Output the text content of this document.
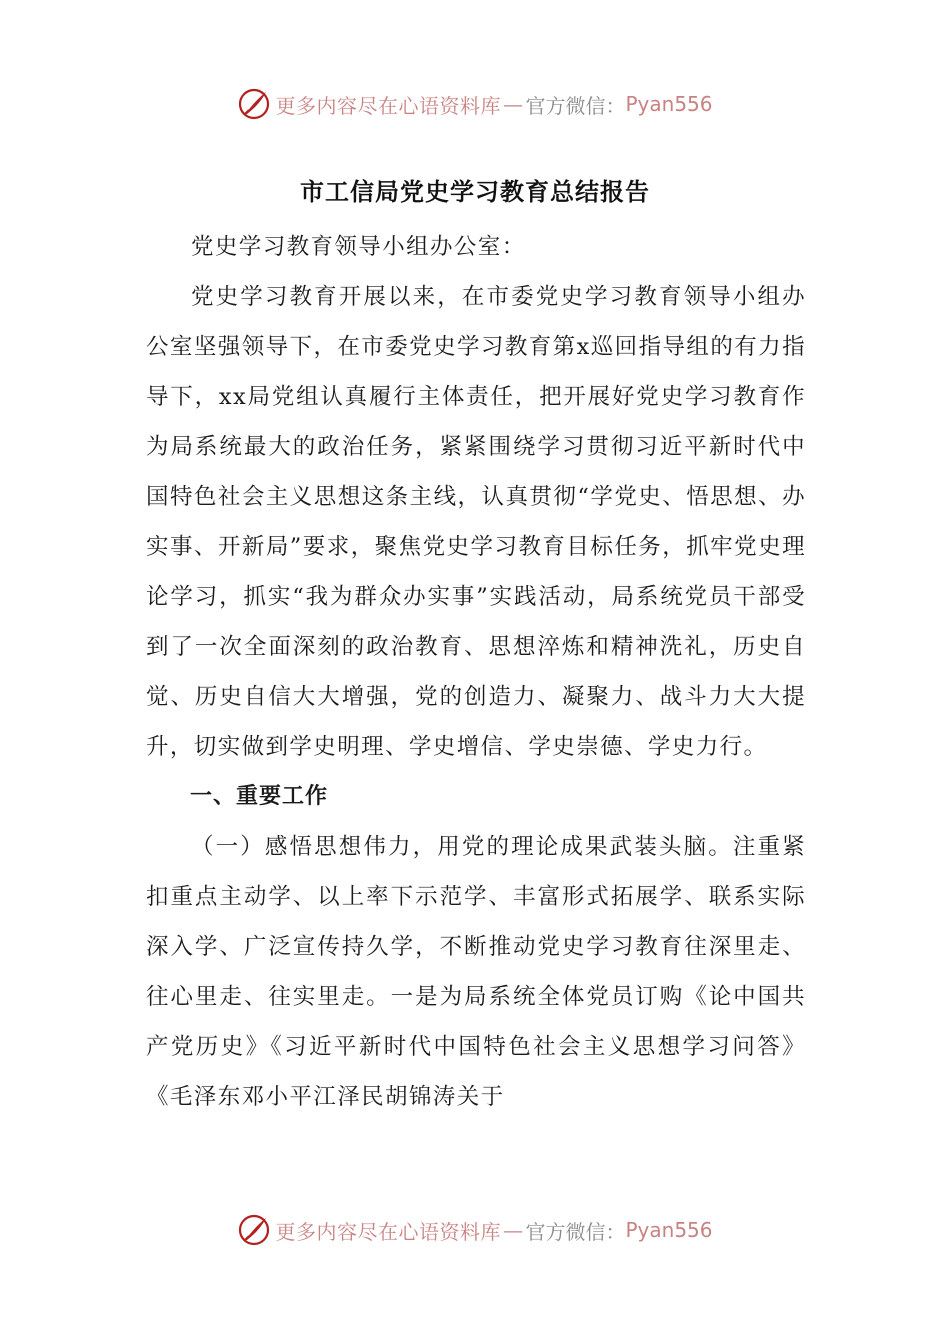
更多内容尽在心语资料库 — 官方微信： Pyan556
市工信局党史学习教育总结报告

党史学习教育领导小组办公室：

党史学习教育开展以来，在市委党史学习教育领导小组办公室坚强领导下，在市委党史学习教育第x巡回指导组的有力指导下，xx局党组认真履行主体责任，把开展好党史学习教育作为局系统最大的政治任务，紧紧围绕学习贯彻习近平新时代中国特色社会主义思想这条主线，认真贯彻“学党史、悟思想、办实事、开新局”要求，聚焦党史学习教育目标任务，抓牢党史理论学习，抓实“我为群众办实事”实践活动，局系统党员干部受到了一次全面深刻的政治教育、思想淬炼和精神洗礼，历史自觉、历史自信大大增强，党的创造力、凝聚力、战斗力大大提升，切实做到学史明理、学史增信、学史崇德、学史力行。

一、重要工作

（一）感悟思想伟力，用党的理论成果武装头脑。注重紧扣重点主动学、以上率下示范学、丰富形式拓展学、联系实际深入学、广泛宣传持久学，不断推动党史学习教育往深里走、往心里走、往实里走。一是为局系统全体党员订购《论中国共产党历史》《习近平新时代中国特色社会主义思想学习问答》《毛泽东邓小平江泽民胡锦涛关于

更多内容尽在心语资料库 — 官方微信： Pyan556
